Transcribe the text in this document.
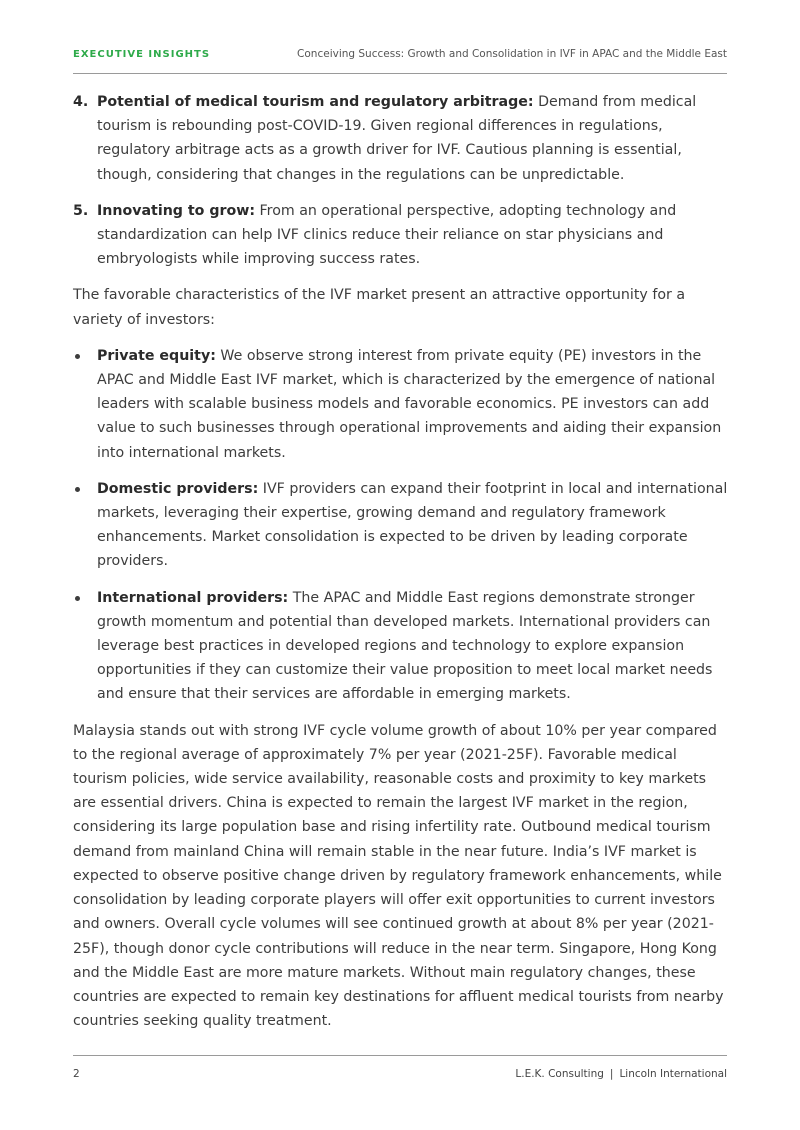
EXECUTIVE INSIGHTS	Conceiving Success: Growth and Consolidation in IVF in APAC and the Middle East
4. Potential of medical tourism and regulatory arbitrage: Demand from medical tourism is rebounding post-COVID-19. Given regional differences in regulations, regulatory arbitrage acts as a growth driver for IVF. Cautious planning is essential, though, considering that changes in the regulations can be unpredictable.
5. Innovating to grow: From an operational perspective, adopting technology and standardization can help IVF clinics reduce their reliance on star physicians and embryologists while improving success rates.

The favorable characteristics of the IVF market present an attractive opportunity for a variety of investors:

Private equity: We observe strong interest from private equity (PE) investors in the APAC and Middle East IVF market, which is characterized by the emergence of national leaders with scalable business models and favorable economics. PE investors can add value to such businesses through operational improvements and aiding their expansion into international markets.
Domestic providers: IVF providers can expand their footprint in local and international markets, leveraging their expertise, growing demand and regulatory framework enhancements. Market consolidation is expected to be driven by leading corporate providers.
International providers: The APAC and Middle East regions demonstrate stronger growth momentum and potential than developed markets. International providers can leverage best practices in developed regions and technology to explore expansion opportunities if they can customize their value proposition to meet local market needs and ensure that their services are affordable in emerging markets.

Malaysia stands out with strong IVF cycle volume growth of about 10% per year compared to the regional average of approximately 7% per year (2021-25F). Favorable medical tourism policies, wide service availability, reasonable costs and proximity to key markets are essential drivers. China is expected to remain the largest IVF market in the region, considering its large population base and rising infertility rate. Outbound medical tourism demand from mainland China will remain stable in the near future. India’s IVF market is expected to observe positive change driven by regulatory framework enhancements, while consolidation by leading corporate players will offer exit opportunities to current investors and owners. Overall cycle volumes will see continued growth at about 8% per year (2021-25F), though donor cycle contributions will reduce in the near term. Singapore, Hong Kong and the Middle East are more mature markets. Without main regulatory changes, these countries are expected to remain key destinations for affluent medical tourists from nearby countries seeking quality treatment.

2	L.E.K. Consulting | Lincoln International
